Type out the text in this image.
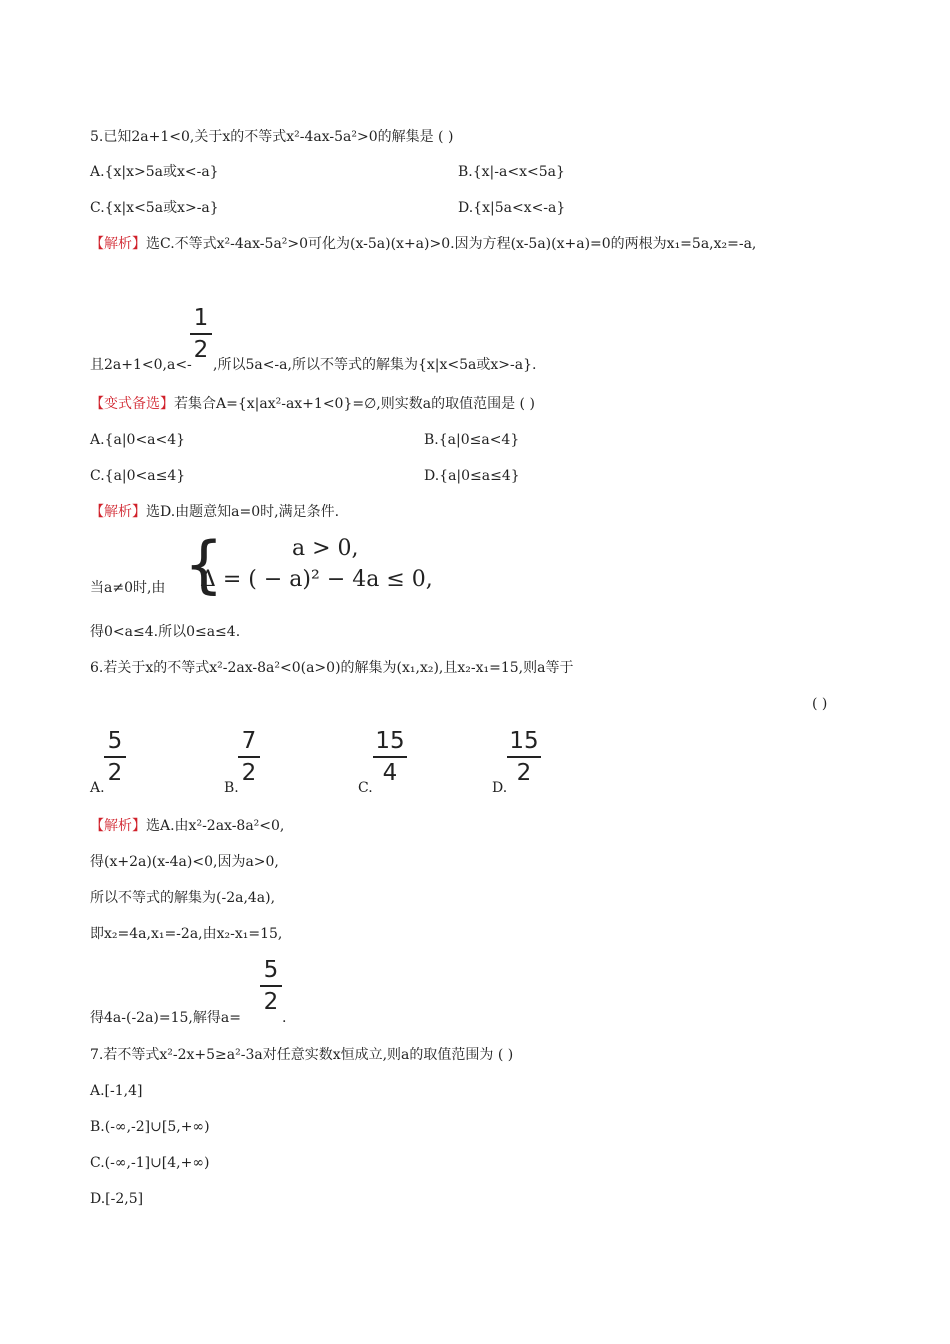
5.已知2a+1<0,关于x的不等式x²-4ax-5a²>0的解集是 ( )
A.{x|x>5a或x<-a}	B.{x|-a<x<5a}
C.{x|x<5a或x>-a}	D.{x|5a<x<-a}
【解析】选C.不等式x²-4ax-5a²>0可化为(x-5a)(x+a)>0.因为方程(x-5a)(x+a)=0的两根为x₁=5a,x₂=-a,
且2a+1<0,a<-
1
2
,所以5a<-a,所以不等式的解集为{x|x<5a或x>-a}.
【变式备选】若集合A={x|ax²-ax+1<0}=∅,则实数a的取值范围是 ( )
A.{a|0<a<4}	B.{a|0≤a<4}
C.{a|0<a≤4}	D.{a|0≤a≤4}
【解析】选D.由题意知a=0时,满足条件.
当a≠0时,由 {	a > 0,
Δ = ( − a)² − 4a ≤ 0,
得0<a≤4.所以0≤a≤4.
6.若关于x的不等式x²-2ax-8a²<0(a>0)的解集为(x₁,x₂),且x₂-x₁=15,则a等于
( )
A.
5
2
B.
7
2
C.
15
4
D.
15
2
【解析】选A.由x²-2ax-8a²<0,
得(x+2a)(x-4a)<0,因为a>0,
所以不等式的解集为(-2a,4a),
即x₂=4a,x₁=-2a,由x₂-x₁=15,
得4a-(-2a)=15,解得a=
5
2
.
7.若不等式x²-2x+5≥a²-3a对任意实数x恒成立,则a的取值范围为 ( )
A.[-1,4]
B.(-∞,-2]∪[5,+∞)
C.(-∞,-1]∪[4,+∞)
D.[-2,5]
